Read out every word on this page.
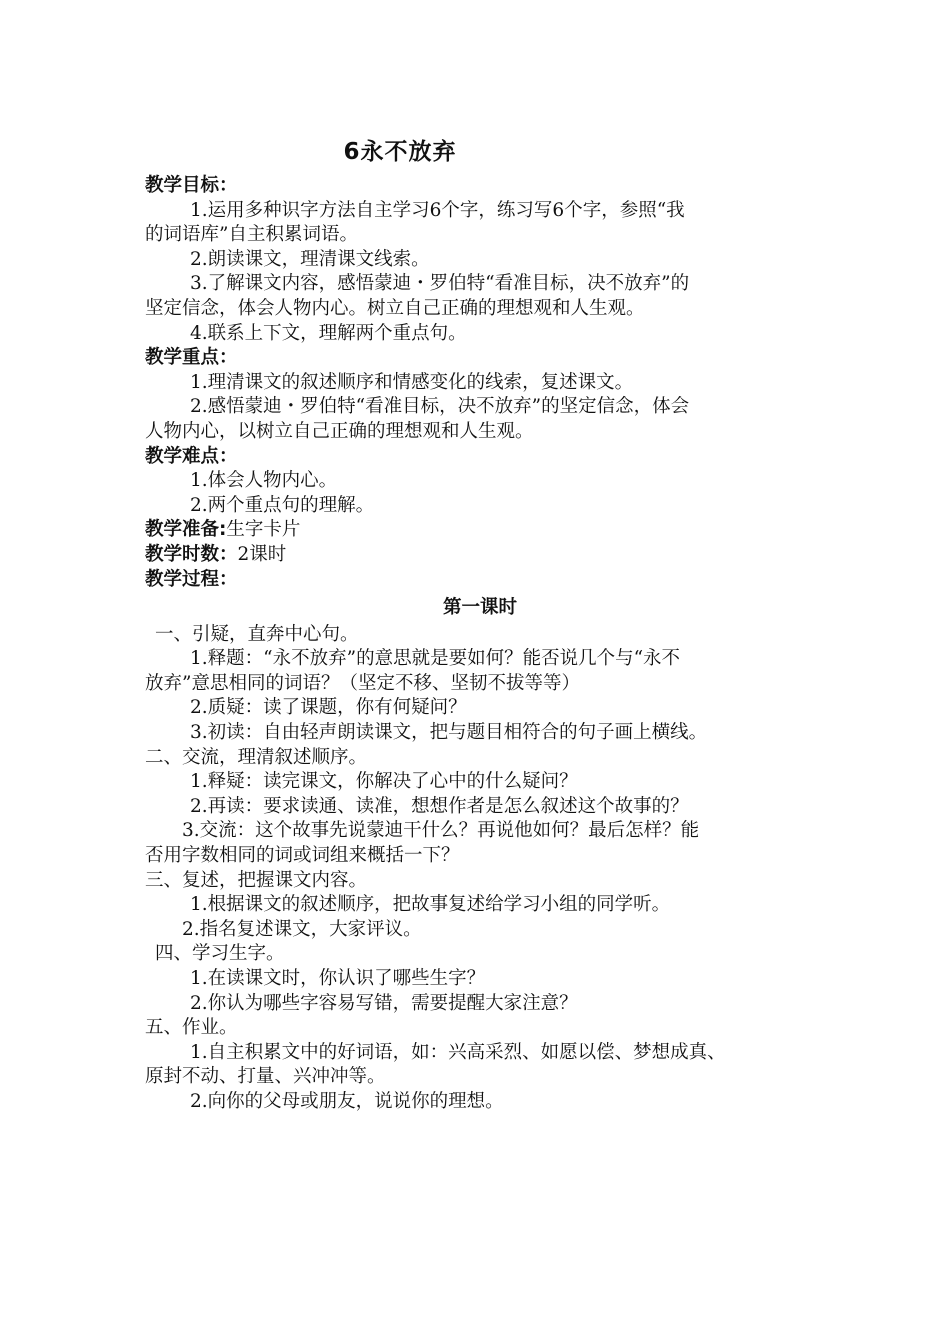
6永不放弃
教学目标：
1.运用多种识字方法自主学习6个字，练习写6个字，参照“我
的词语库”自主积累词语。
2.朗读课文，理清课文线索。
3.了解课文内容，感悟蒙迪・罗伯特“看准目标，决不放弃”的
坚定信念，体会人物内心。树立自己正确的理想观和人生观。
4.联系上下文，理解两个重点句。
教学重点：
1.理清课文的叙述顺序和情感变化的线索，复述课文。
2.感悟蒙迪・罗伯特“看准目标，决不放弃”的坚定信念，体会
人物内心，以树立自己正确的理想观和人生观。
教学难点：
1.体会人物内心。
2.两个重点句的理解。
教学准备:生字卡片
教学时数：2课时
教学过程：
第一课时
一、引疑，直奔中心句。
1.释题：“永不放弃”的意思就是要如何？能否说几个与“永不
放弃”意思相同的词语？（坚定不移、坚韧不拔等等）
2.质疑：读了课题，你有何疑问？
3.初读：自由轻声朗读课文，把与题目相符合的句子画上横线。
二、交流，理清叙述顺序。
1.释疑：读完课文，你解决了心中的什么疑问？
2.再读：要求读通、读准，想想作者是怎么叙述这个故事的？
3.交流：这个故事先说蒙迪干什么？再说他如何？最后怎样？能
否用字数相同的词或词组来概括一下？
三、复述，把握课文内容。
1.根据课文的叙述顺序，把故事复述给学习小组的同学听。
2.指名复述课文，大家评议。
四、学习生字。
1.在读课文时，你认识了哪些生字？
2.你认为哪些字容易写错，需要提醒大家注意？
五、作业。
1.自主积累文中的好词语，如：兴高采烈、如愿以偿、梦想成真、
原封不动、打量、兴冲冲等。
2.向你的父母或朋友，说说你的理想。
